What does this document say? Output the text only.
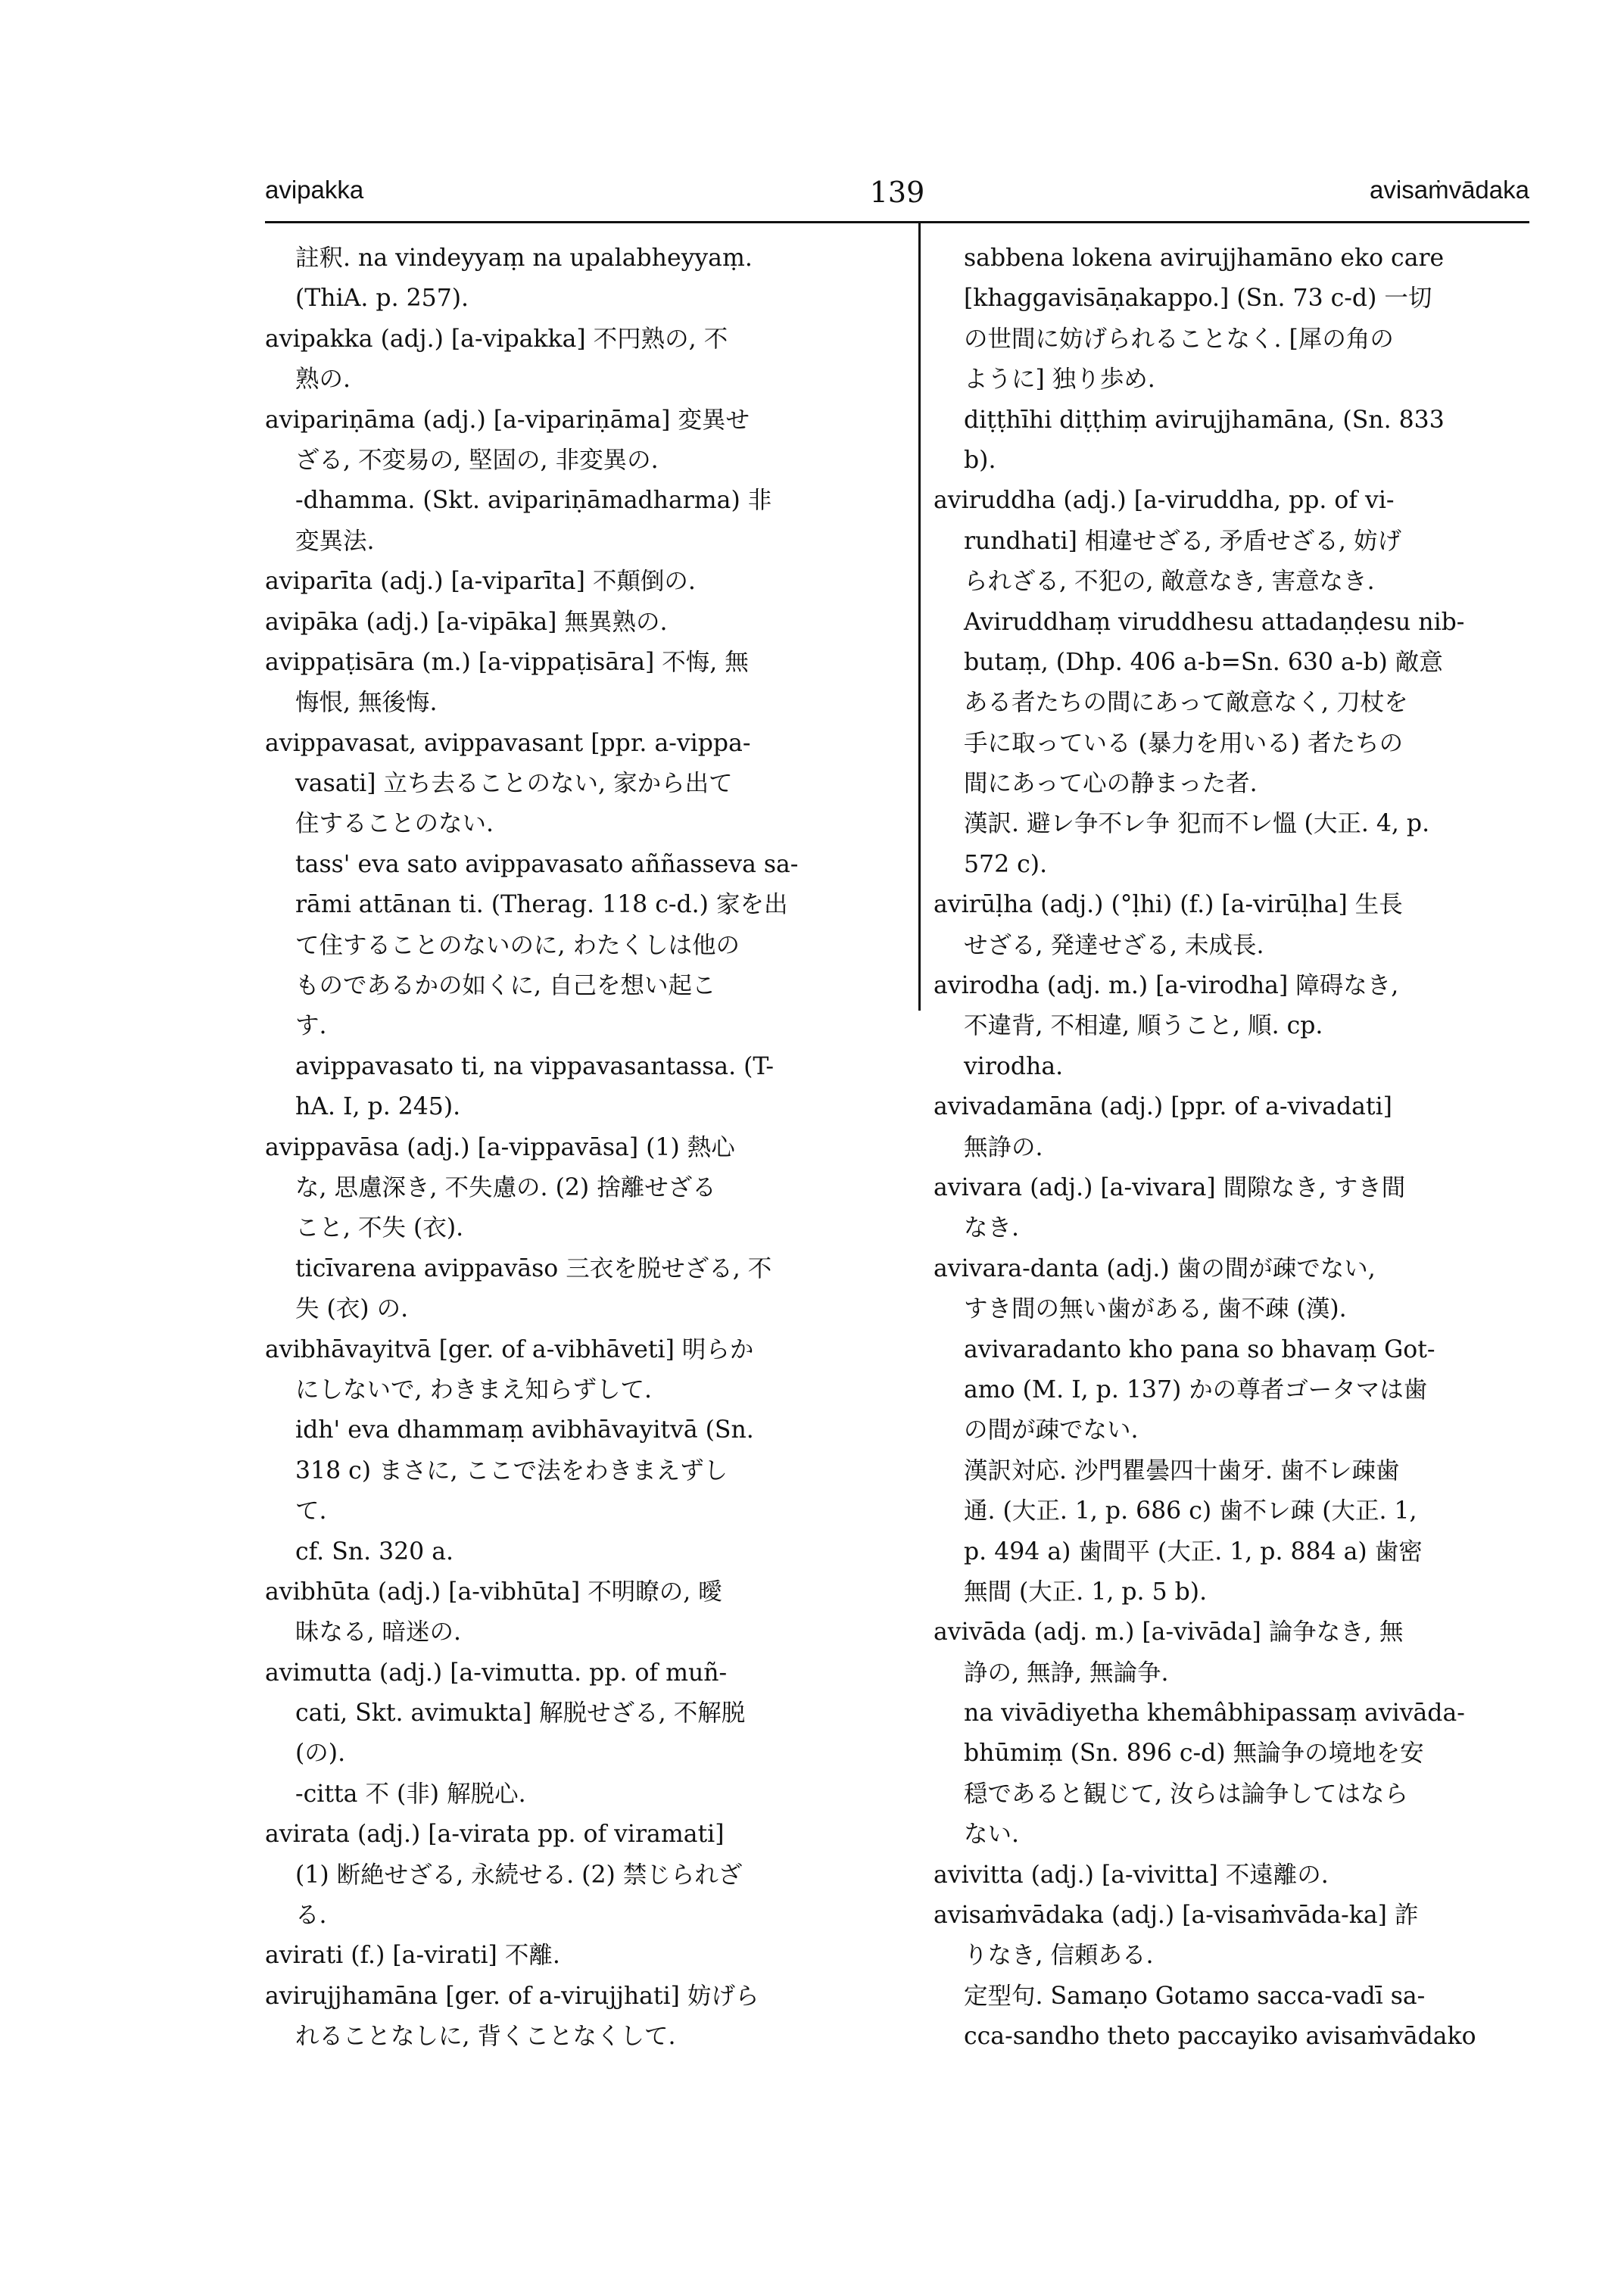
avipakka	139	avisaṁvādaka
註釈. na vindeyyaṃ na upalabheyyaṃ.
(ThiA. p. 257).
avipakka (adj.) [a-vipakka] 不円熟の, 不
熟の.
avipariṇāma (adj.) [a-vipariṇāma] 変異せ
ざる, 不変易の, 堅固の, 非変異の.
-dhamma. (Skt. avipariṇāmadharma) 非
変異法.
aviparīta (adj.) [a-viparīta] 不顛倒の.
avipāka (adj.) [a-vipāka] 無異熟の.
avippaṭisāra (m.) [a-vippaṭisāra] 不悔, 無
悔恨, 無後悔.
avippavasat, avippavasant [ppr. a-vippa-
vasati] 立ち去ることのない, 家から出て
住することのない.
tass' eva sato avippavasato aññasseva sa-
rāmi attānan ti. (Therag. 118 c-d.) 家を出
て住することのないのに, わたくしは他の
ものであるかの如くに, 自己を想い起こ
す.
avippavasato ti, na vippavasantassa. (T-
hA. I, p. 245).
avippavāsa (adj.) [a-vippavāsa] (1) 熱心
な, 思慮深き, 不失慮の. (2) 捨離せざる
こと, 不失 (衣).
ticīvarena avippavāso 三衣を脱せざる, 不
失 (衣) の.
avibhāvayitvā [ger. of a-vibhāveti] 明らか
にしないで, わきまえ知らずして.
idh' eva dhammaṃ avibhāvayitvā (Sn.
318 c) まさに, ここで法をわきまえずし
て.
cf. Sn. 320 a.
avibhūta (adj.) [a-vibhūta] 不明瞭の, 曖
昧なる, 暗迷の.
avimutta (adj.) [a-vimutta. pp. of muñ-
cati, Skt. avimukta] 解脱せざる, 不解脱
(の).
-citta 不 (非) 解脱心.
avirata (adj.) [a-virata pp. of viramati]
(1) 断絶せざる, 永続せる. (2) 禁じられざ
る.
avirati (f.) [a-virati] 不離.
avirujjhamāna [ger. of a-virujjhati] 妨げら
れることなしに, 背くことなくして.
sabbena lokena avirujjhamāno eko care
[khaggavisāṇakappo.] (Sn. 73 c-d) 一切
の世間に妨げられることなく. [犀の角の
ように] 独り歩め.
diṭṭhīhi diṭṭhiṃ avirujjhamāna, (Sn. 833
b).
aviruddha (adj.) [a-viruddha, pp. of vi-
rundhati] 相違せざる, 矛盾せざる, 妨げ
られざる, 不犯の, 敵意なき, 害意なき.
Aviruddhaṃ viruddhesu attadaṇḍesu nib-
butaṃ, (Dhp. 406 a-b=Sn. 630 a-b) 敵意
ある者たちの間にあって敵意なく, 刀杖を
手に取っている (暴力を用いる) 者たちの
間にあって心の静まった者.
漢訳. 避レ争不レ争 犯而不レ慍 (大正. 4, p.
572 c).
avirūḷha (adj.) (°ḷhi) (f.) [a-virūḷha] 生長
せざる, 発達せざる, 未成長.
avirodha (adj. m.) [a-virodha] 障碍なき,
不違背, 不相違, 順うこと, 順. cp.
virodha.
avivadamāna (adj.) [ppr. of a-vivadati]
無諍の.
avivara (adj.) [a-vivara] 間隙なき, すき間
なき.
avivara-danta (adj.) 歯の間が疎でない,
すき間の無い歯がある, 歯不疎 (漢).
avivaradanto kho pana so bhavaṃ Got-
amo (M. I, p. 137) かの尊者ゴータマは歯
の間が疎でない.
漢訳対応. 沙門瞿曇四十歯牙. 歯不レ疎歯
通. (大正. 1, p. 686 c) 歯不レ疎 (大正. 1,
p. 494 a) 歯間平 (大正. 1, p. 884 a) 歯密
無間 (大正. 1, p. 5 b).
avivāda (adj. m.) [a-vivāda] 論争なき, 無
諍の, 無諍, 無論争.
na vivādiyetha khemâbhipassaṃ avivāda-
bhūmiṃ (Sn. 896 c-d) 無論争の境地を安
穏であると観じて, 汝らは論争してはなら
ない.
avivitta (adj.) [a-vivitta] 不遠離の.
avisaṁvādaka (adj.) [a-visaṁvāda-ka] 詐
りなき, 信頼ある.
定型句. Samaṇo Gotamo sacca-vadī sa-
cca-sandho theto paccayiko avisaṁvādako
